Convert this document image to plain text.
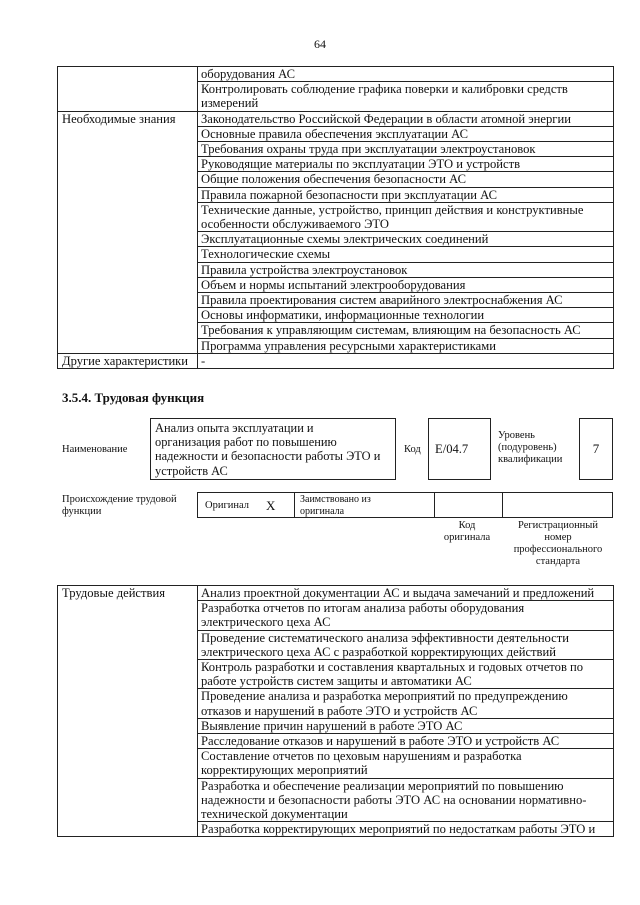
64

	оборудования АС

	Контролировать соблюдение графика поверки и калибровки средств
измерений

Необходимые знания	Законодательство Российской Федерации в области атомной энергии

	Основные правила обеспечения эксплуатации АС

	Требования охраны труда при эксплуатации электроустановок

	Руководящие материалы по эксплуатации ЭТО и устройств

	Общие положения обеспечения безопасности АС

	Правила пожарной безопасности при эксплуатации АС

	Технические данные, устройство, принцип действия и конструктивные
особенности обслуживаемого ЭТО

	Эксплуатационные схемы электрических соединений

	Технологические схемы

	Правила устройства электроустановок

	Объем и нормы испытаний электрооборудования

	Правила проектирования систем аварийного электроснабжения АС

	Основы информатики, информационные технологии

	Требования к управляющим системам, влияющим на безопасность АС

	Программа управления ресурсными характеристиками

Другие характеристики	-
3.5.4. Трудовая функция
Наименование
Анализ опыта эксплуатации и
организация работ по повышению
надежности и безопасности работы ЭТО и
устройств АС
Код E/04.7
Уровень
(подуровень)
квалификации
7
Происхождение трудовой
функции
Оригинал X Заимствовано из
оригинала
Код
оригинала
Регистрационный
номер
профессионального
стандарта
Трудовые действия	Анализ проектной документации АС и выдача замечаний и предложений

Разработка отчетов по итогам анализа работы оборудования
электрического цеха АС

Проведение систематического анализа эффективности деятельности
электрического цеха АС с разработкой корректирующих действий

Контроль разработки и составления квартальных и годовых отчетов по
работе устройств систем защиты и автоматики АС

Проведение анализа и разработка мероприятий по предупреждению
отказов и нарушений в работе ЭТО и устройств АС

Выявление причин нарушений в работе ЭТО АС

Расследование отказов и нарушений в работе ЭТО и устройств АС

Составление отчетов по цеховым нарушениям и разработка
корректирующих мероприятий

Разработка и обеспечение реализации мероприятий по повышению
надежности и безопасности работы ЭТО АС на основании нормативно-
технической документации

Разработка корректирующих мероприятий по недостаткам работы ЭТО и
